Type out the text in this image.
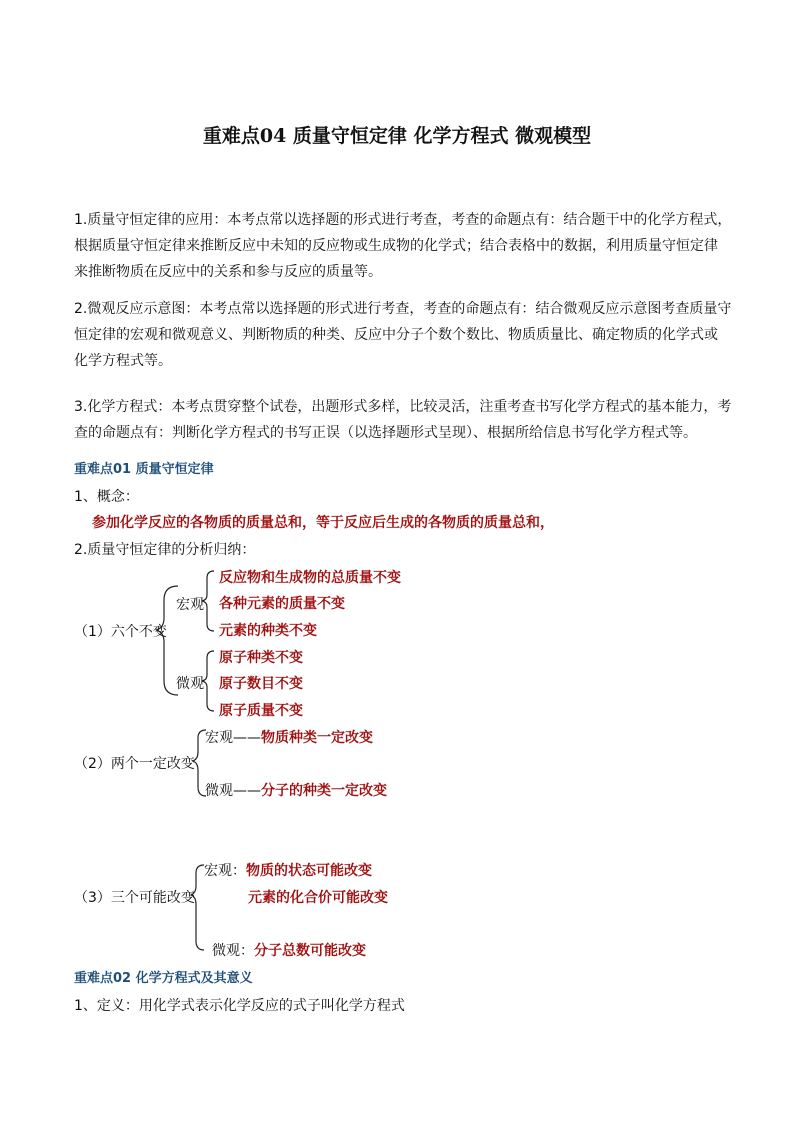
重难点04 质量守恒定律 化学方程式 微观模型
1.质量守恒定律的应用：本考点常以选择题的形式进行考查，考查的命题点有：结合题干中的化学方程式，
根据质量守恒定律来推断反应中未知的反应物或生成物的化学式；结合表格中的数据，利用质量守恒定律
来推断物质在反应中的关系和参与反应的质量等。
2.微观反应示意图：本考点常以选择题的形式进行考查，考查的命题点有：结合微观反应示意图考查质量守
恒定律的宏观和微观意义、判断物质的种类、反应中分子个数个数比、物质质量比、确定物质的化学式或
化学方程式等。
3.化学方程式：本考点贯穿整个试卷，出题形式多样，比较灵活，注重考查书写化学方程式的基本能力，考
查的命题点有：判断化学方程式的书写正误（以选择题形式呈现）、根据所给信息书写化学方程式等。
重难点01 质量守恒定律
1、概念：
参加化学反应的各物质的质量总和，等于反应后生成的各物质的质量总和，
2.质量守恒定律的分析归纳：
（1）六个不变
宏观
反应物和生成物的总质量不变
各种元素的质量不变
元素的种类不变
微观
原子种类不变
原子数目不变
原子质量不变
（2）两个一定改变
宏观——物质种类一定改变
微观——分子的种类一定改变
（3）三个可能改变
宏观：物质的状态可能改变
元素的化合价可能改变
微观：分子总数可能改变
重难点02 化学方程式及其意义
1、定义：用化学式表示化学反应的式子叫化学方程式
